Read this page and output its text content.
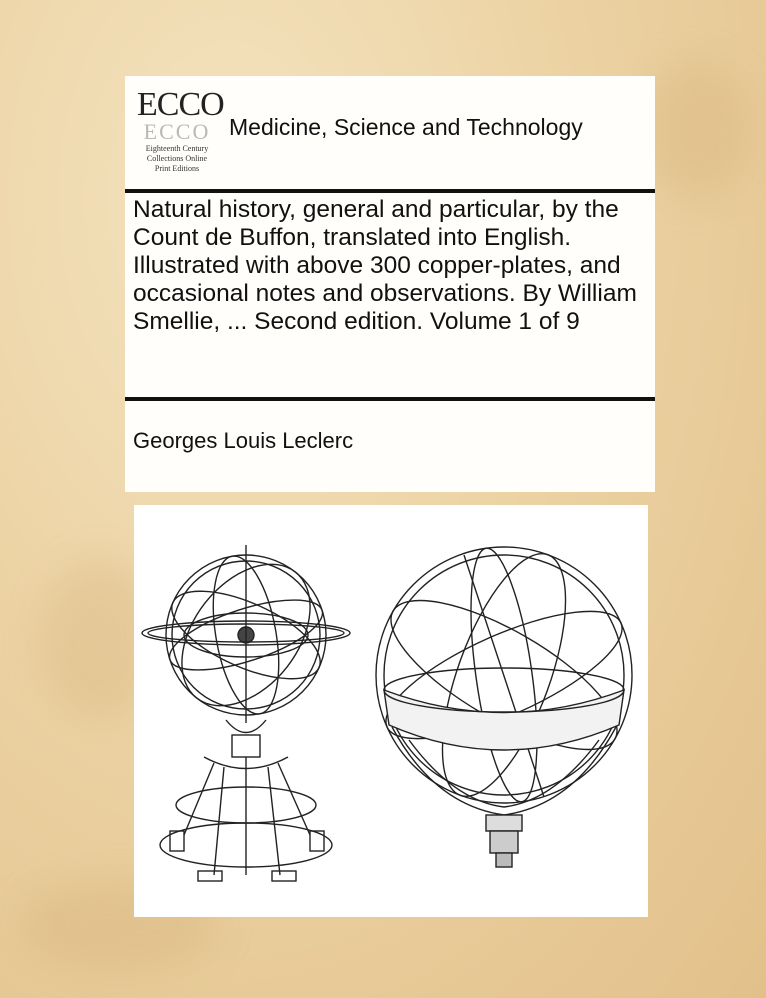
ECCO
ECCO
Eighteenth Century
Collections Online
Print Editions
Medicine, Science and Technology
Natural history, general and particular, by the Count de Buffon, translated into English. Illustrated with above 300 copper-plates, and occasional notes and observations. By William Smellie, ... Second edition. Volume 1 of 9
Georges Louis Leclerc
